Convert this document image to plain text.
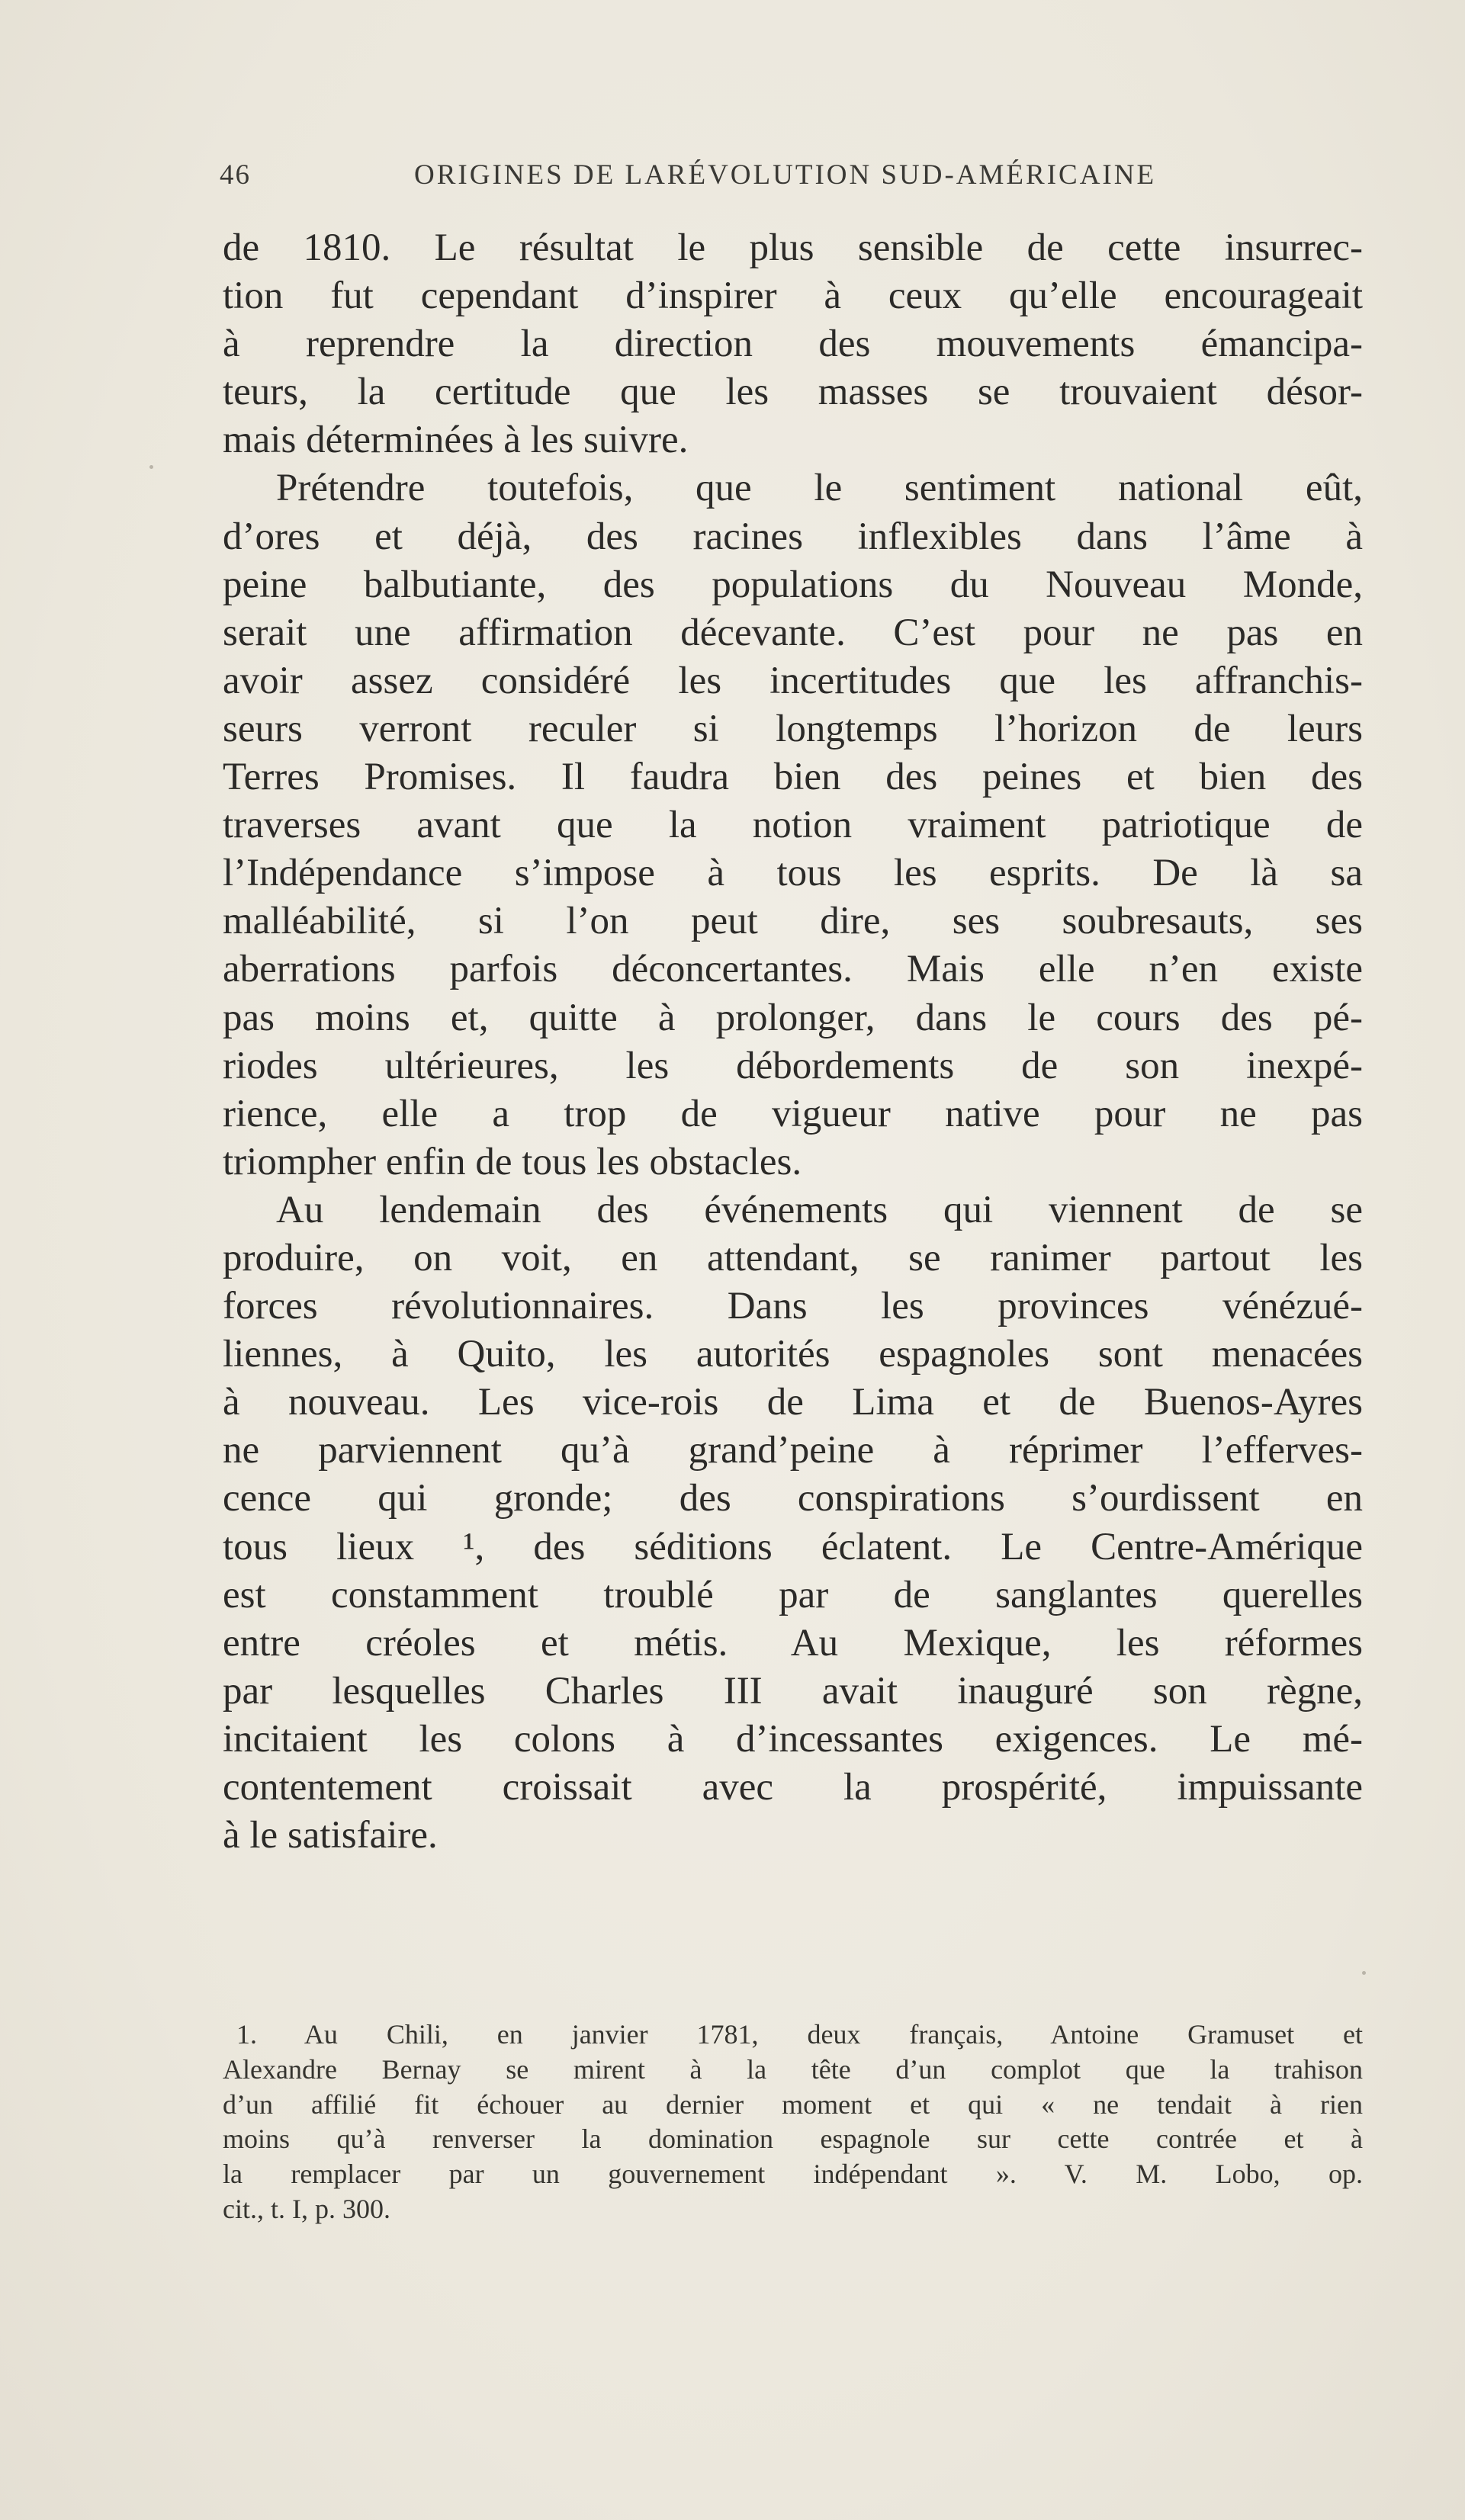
46	ORIGINES DE LARÉVOLUTION SUD-AMÉRICAINE
de 1810. Le résultat le plus sensible de cette insurrec-
tion fut cependant d’inspirer à ceux qu’elle encourageait
à reprendre la direction des mouvements émancipa-
teurs, la certitude que les masses se trouvaient désor-
mais déterminées à les suivre.
Prétendre toutefois, que le sentiment national eût,
d’ores et déjà, des racines inflexibles dans l’âme à
peine balbutiante, des populations du Nouveau Monde,
serait une affirmation décevante. C’est pour ne pas en
avoir assez considéré les incertitudes que les affranchis-
seurs verront reculer si longtemps l’horizon de leurs
Terres Promises. Il faudra bien des peines et bien des
traverses avant que la notion vraiment patriotique de
l’Indépendance s’impose à tous les esprits. De là sa
malléabilité, si l’on peut dire, ses soubresauts, ses
aberrations parfois déconcertantes. Mais elle n’en existe
pas moins et, quitte à prolonger, dans le cours des pé-
riodes ultérieures, les débordements de son inexpé-
rience, elle a trop de vigueur native pour ne pas
triompher enfin de tous les obstacles.
Au lendemain des événements qui viennent de se
produire, on voit, en attendant, se ranimer partout les
forces révolutionnaires. Dans les provinces vénézué-
liennes, à Quito, les autorités espagnoles sont menacées
à nouveau. Les vice-rois de Lima et de Buenos-Ayres
ne parviennent qu’à grand’peine à réprimer l’efferves-
cence qui gronde; des conspirations s’ourdissent en
tous lieux ¹, des séditions éclatent. Le Centre-Amérique
est constamment troublé par de sanglantes querelles
entre créoles et métis. Au Mexique, les réformes
par lesquelles Charles III avait inauguré son règne,
incitaient les colons à d’incessantes exigences. Le mé-
contentement croissait avec la prospérité, impuissante
à le satisfaire.
1. Au Chili, en janvier 1781, deux français, Antoine Gramuset et
Alexandre Bernay se mirent à la tête d’un complot que la trahison
d’un affilié fit échouer au dernier moment et qui « ne tendait à rien
moins qu’à renverser la domination espagnole sur cette contrée et à
la remplacer par un gouvernement indépendant ». V. M. Lobo, op.
cit., t. I, p. 300.
